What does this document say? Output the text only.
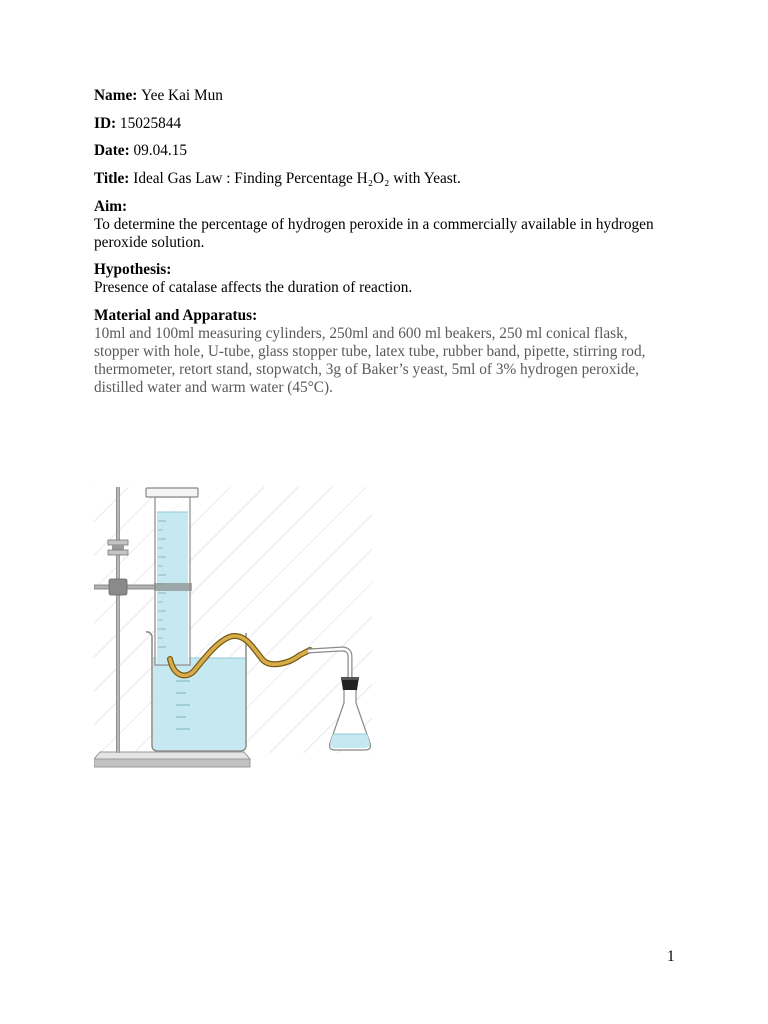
Name: Yee Kai Mun
ID: 15025844
Date: 09.04.15
Title: Ideal Gas Law : Finding Percentage H₂O₂ with Yeast.
Aim:
To determine the percentage of hydrogen peroxide in a commercially available in hydrogen
peroxide solution.
Hypothesis:
Presence of catalase affects the duration of reaction.
Material and Apparatus:
10ml and 100ml measuring cylinders, 250ml and 600 ml beakers, 250 ml conical flask,
stopper with hole, U-tube, glass stopper tube, latex tube, rubber band, pipette, stirring rod,
thermometer, retort stand, stopwatch, 3g of Baker’s yeast, 5ml of 3% hydrogen peroxide,
distilled water and warm water (45°C).
1
